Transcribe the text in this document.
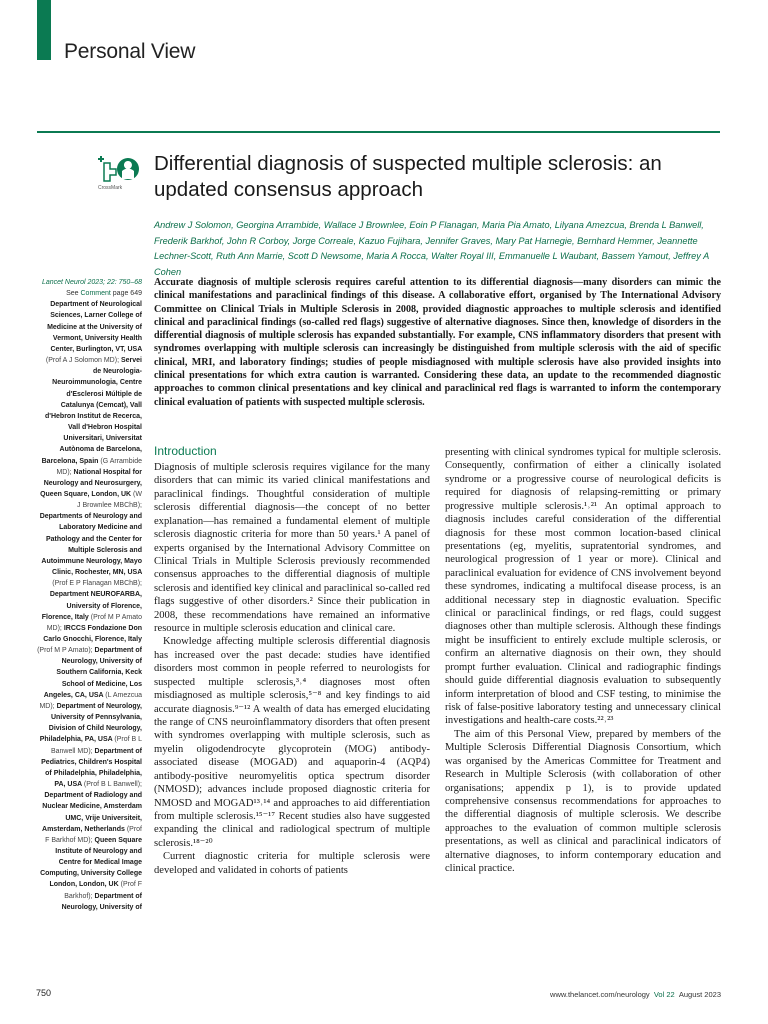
Personal View
CrossMark
Differential diagnosis of suspected multiple sclerosis: an updated consensus approach
Andrew J Solomon, Georgina Arrambide, Wallace J Brownlee, Eoin P Flanagan, Maria Pia Amato, Lilyana Amezcua, Brenda L Banwell, Frederik Barkhof, John R Corboy, Jorge Correale, Kazuo Fujihara, Jennifer Graves, Mary Pat Harnegie, Bernhard Hemmer, Jeannette Lechner-Scott, Ruth Ann Marrie, Scott D Newsome, Maria A Rocca, Walter Royal III, Emmanuelle L Waubant, Bassem Yamout, Jeffrey A Cohen
Lancet Neurol 2023; 22: 750–68
See Comment page 649
Department of Neurological Sciences, Larner College of Medicine at the University of Vermont, University Health Center, Burlington, VT, USA (Prof A J Solomon MD); Servei de Neurologia-Neuroimmunologia, Centre d'Esclerosi Múltiple de Catalunya (Cemcat), Vall d'Hebron Institut de Recerca, Vall d'Hebron Hospital Universitari, Universitat Autònoma de Barcelona, Barcelona, Spain (G Arrambide MD); National Hospital for Neurology and Neurosurgery, Queen Square, London, UK (W J Brownlee MBChB); Departments of Neurology and Laboratory Medicine and Pathology and the Center for Multiple Sclerosis and Autoimmune Neurology, Mayo Clinic, Rochester, MN, USA (Prof E P Flanagan MBChB); Department NEUROFARBA, University of Florence, Florence, Italy (Prof M P Amato MD); IRCCS Fondazione Don Carlo Gnocchi, Florence, Italy (Prof M P Amato); Department of Neurology, University of Southern California, Keck School of Medicine, Los Angeles, CA, USA (L Amezcua MD); Department of Neurology, University of Pennsylvania, Division of Child Neurology, Philadelphia, PA, USA (Prof B L Banwell MD); Department of Pediatrics, Children's Hospital of Philadelphia, Philadelphia, PA, USA (Prof B L Banwell); Department of Radiology and Nuclear Medicine, Amsterdam UMC, Vrije Universiteit, Amsterdam, Netherlands (Prof F Barkhof MD); Queen Square Institute of Neurology and Centre for Medical Image Computing, University College London, London, UK (Prof F Barkhof); Department of Neurology, University of

Accurate diagnosis of multiple sclerosis requires careful attention to its differential diagnosis—many disorders can mimic the clinical manifestations and paraclinical findings of this disease. A collaborative effort, organised by The International Advisory Committee on Clinical Trials in Multiple Sclerosis in 2008, provided diagnostic approaches to multiple sclerosis and identified clinical and paraclinical findings (so-called red flags) suggestive of alternative diagnoses. Since then, knowledge of disorders in the differential diagnosis of multiple sclerosis has expanded substantially. For example, CNS inflammatory disorders that present with syndromes overlapping with multiple sclerosis can increasingly be distinguished from multiple sclerosis with the aid of specific clinical, MRI, and laboratory findings; studies of people misdiagnosed with multiple sclerosis have also provided insights into clinical presentations for which extra caution is warranted. Considering these data, an update to the recommended diagnostic approaches to common clinical presentations and key clinical and paraclinical red flags is warranted to inform the contemporary clinical evaluation of patients with suspected multiple sclerosis.

Introduction

Diagnosis of multiple sclerosis requires vigilance for the many disorders that can mimic its varied clinical manifestations and paraclinical findings. Thoughtful consideration of multiple sclerosis differential diagnosis—the concept of no better explanation—has remained a fundamental element of multiple sclerosis diagnostic criteria for more than 50 years.¹ A panel of experts organised by the International Advisory Committee on Clinical Trials in Multiple Sclerosis previously recommended consensus approaches to the differential diagnosis of multiple sclerosis and identified key clinical and paraclinical so-called red flags suggestive of other disorders.² Since their publication in 2008, these recommendations have remained an informative resource in multiple sclerosis education and clinical care.

Knowledge affecting multiple sclerosis differential diagnosis has increased over the past decade: studies have identified disorders most common in people referred to neurologists for suspected multiple sclerosis,³˒⁴ diagnoses most often misdiagnosed as multiple sclerosis,⁵⁻⁸ and key findings to aid accurate diagnosis.⁹⁻¹² A wealth of data has emerged elucidating the range of CNS neuroinflammatory disorders that often present with syndromes overlapping with multiple sclerosis, such as myelin oligodendrocyte glycoprotein (MOG) antibody-associated disease (MOGAD) and aquaporin-4 (AQP4) antibody-positive neuromyelitis optica spectrum disorder (NMOSD); advances include proposed diagnostic criteria for NMOSD and MOGAD¹³˒¹⁴ and approaches to aid differentiation from multiple sclerosis.¹⁵⁻¹⁷ Recent studies also have suggested expanding the clinical and radiological spectrum of multiple sclerosis.¹⁸⁻²⁰

Current diagnostic criteria for multiple sclerosis were developed and validated in cohorts of patients

presenting with clinical syndromes typical for multiple sclerosis. Consequently, confirmation of either a clinically isolated syndrome or a progressive course of neurological deficits is required for diagnosis of relapsing-remitting or primary progressive multiple sclerosis.¹˒²¹ An optimal approach to diagnosis includes careful consideration of the differential diagnosis for these most common location-based clinical presentations (eg, myelitis, supratentorial syndromes, and neurological progression of 1 year or more). Clinical and paraclinical evaluation for evidence of CNS involvement beyond these syndromes, indicating a multifocal disease process, is an additional necessary step in diagnostic evaluation. Specific clinical or paraclinical findings, or red flags, could suggest diagnoses other than multiple sclerosis. Although these findings might be insufficient to entirely exclude multiple sclerosis, or confirm an alternative diagnosis on their own, they should prompt further evaluation. Clinical and radiographic findings should guide differential diagnosis evaluation to subsequently inform interpretation of blood and CSF testing, to minimise the risk of false-positive laboratory testing and unnecessary clinical investigations and health-care costs.²²˒²³

The aim of this Personal View, prepared by members of the Multiple Sclerosis Differential Diagnosis Consortium, which was organised by the Americas Committee for Treatment and Research in Multiple Sclerosis (with collaboration of other organisations; appendix p 1), is to provide updated comprehensive consensus recommendations for approaches to the differential diagnosis of multiple sclerosis. We describe approaches to the evaluation of common multiple sclerosis presentations, as well as clinical and paraclinical indicators of alternative diagnoses, to inform contemporary education and clinical practice.

750	www.thelancet.com/neurology Vol 22 August 2023
